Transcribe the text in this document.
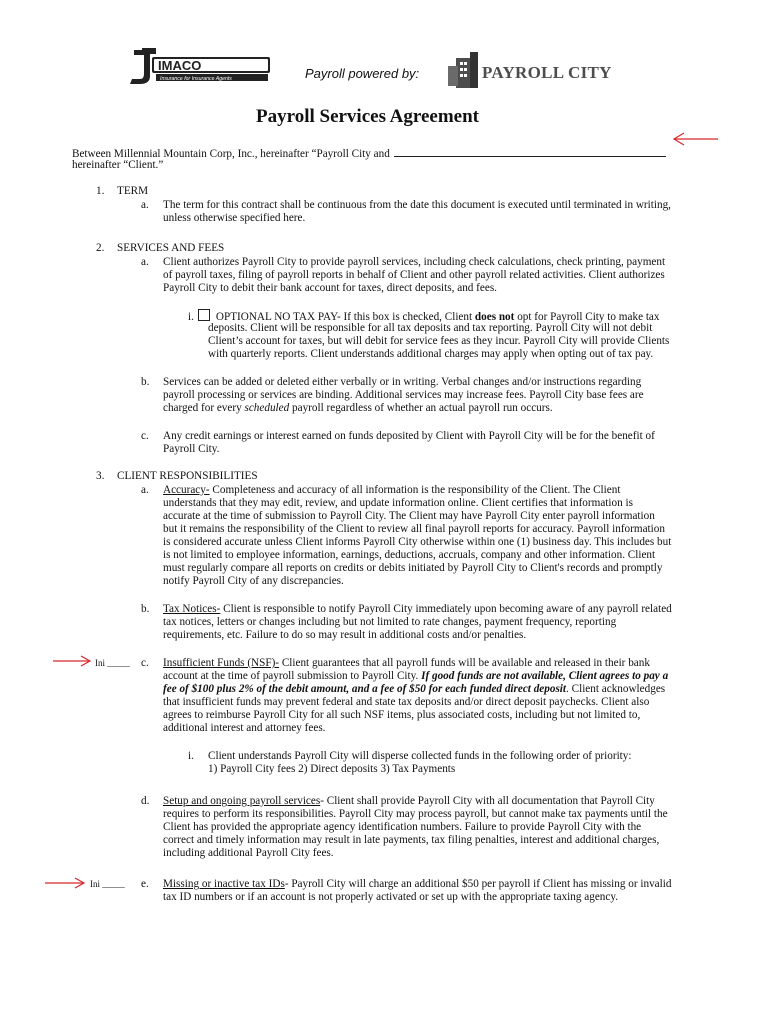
IMACO
Insurance for Insurance Agents	Payroll powered by:	PAYROLL CITY
Payroll Services Agreement
Between Millennial Mountain Corp, Inc., hereinafter “Payroll City and
hereinafter “Client.”
1. TERM
a. The term for this contract shall be continuous from the date this document is executed until terminated in writing,
unless otherwise specified here.
2. SERVICES AND FEES
a. Client authorizes Payroll City to provide payroll services, including check calculations, check printing, payment
of payroll taxes, filing of payroll reports in behalf of Client and other payroll related activities. Client authorizes
Payroll City to debit their bank account for taxes, direct deposits, and fees.
i. OPTIONAL NO TAX PAY- If this box is checked, Client does not opt for Payroll City to make tax
deposits. Client will be responsible for all tax deposits and tax reporting. Payroll City will not debit
Client’s account for taxes, but will debit for service fees as they incur. Payroll City will provide Clients
with quarterly reports. Client understands additional charges may apply when opting out of tax pay.
b. Services can be added or deleted either verbally or in writing. Verbal changes and/or instructions regarding
payroll processing or services are binding. Additional services may increase fees. Payroll City base fees are
charged for every scheduled payroll regardless of whether an actual payroll run occurs.
c. Any credit earnings or interest earned on funds deposited by Client with Payroll City will be for the benefit of
Payroll City.
3. CLIENT RESPONSIBILITIES
a. Accuracy- Completeness and accuracy of all information is the responsibility of the Client. The Client
understands that they may edit, review, and update information online. Client certifies that information is
accurate at the time of submission to Payroll City. The Client may have Payroll City enter payroll information
but it remains the responsibility of the Client to review all final payroll reports for accuracy. Payroll information
is considered accurate unless Client informs Payroll City otherwise within one (1) business day. This includes but
is not limited to employee information, earnings, deductions, accruals, company and other information. Client
must regularly compare all reports on credits or debits initiated by Payroll City to Client's records and promptly
notify Payroll City of any discrepancies.
b. Tax Notices- Client is responsible to notify Payroll City immediately upon becoming aware of any payroll related
tax notices, letters or changes including but not limited to rate changes, payment frequency, reporting
requirements, etc. Failure to do so may result in additional costs and/or penalties.
Ini _____ c. Insufficient Funds (NSF)- Client guarantees that all payroll funds will be available and released in their bank
account at the time of payroll submission to Payroll City. If good funds are not available, Client agrees to pay a
fee of $100 plus 2% of the debit amount, and a fee of $50 for each funded direct deposit. Client acknowledges
that insufficient funds may prevent federal and state tax deposits and/or direct deposit paychecks. Client also
agrees to reimburse Payroll City for all such NSF items, plus associated costs, including but not limited to,
additional interest and attorney fees.
i. Client understands Payroll City will disperse collected funds in the following order of priority:
1) Payroll City fees 2) Direct deposits 3) Tax Payments
d. Setup and ongoing payroll services- Client shall provide Payroll City with all documentation that Payroll City
requires to perform its responsibilities. Payroll City may process payroll, but cannot make tax payments until the
Client has provided the appropriate agency identification numbers. Failure to provide Payroll City with the
correct and timely information may result in late payments, tax filing penalties, interest and additional charges,
including additional Payroll City fees.
Ini _____ e. Missing or inactive tax IDs- Payroll City will charge an additional $50 per payroll if Client has missing or invalid
tax ID numbers or if an account is not properly activated or set up with the appropriate taxing agency.
